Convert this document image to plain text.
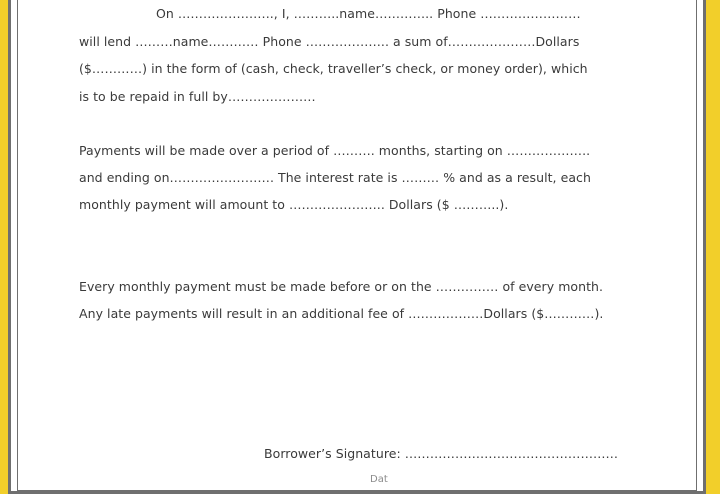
On ………………….., I, ………..name………….. Phone ……………………
will lend ………name………… Phone ……………….. a sum of…………………Dollars
($…………) in the form of (cash, check, traveller’s check, or money order), which
is to be repaid in full by…………………
Payments will be made over a period of ………. months, starting on ………………..
and ending on……………………. The interest rate is ……… % and as a result, each
monthly payment will amount to ………………….. Dollars ($ ………..).
Every monthly payment must be made before or on the …………… of every month.
Any late payments will result in an additional fee of ………………Dollars ($…………).
Borrower’s Signature: ……………………………………………
Dat
